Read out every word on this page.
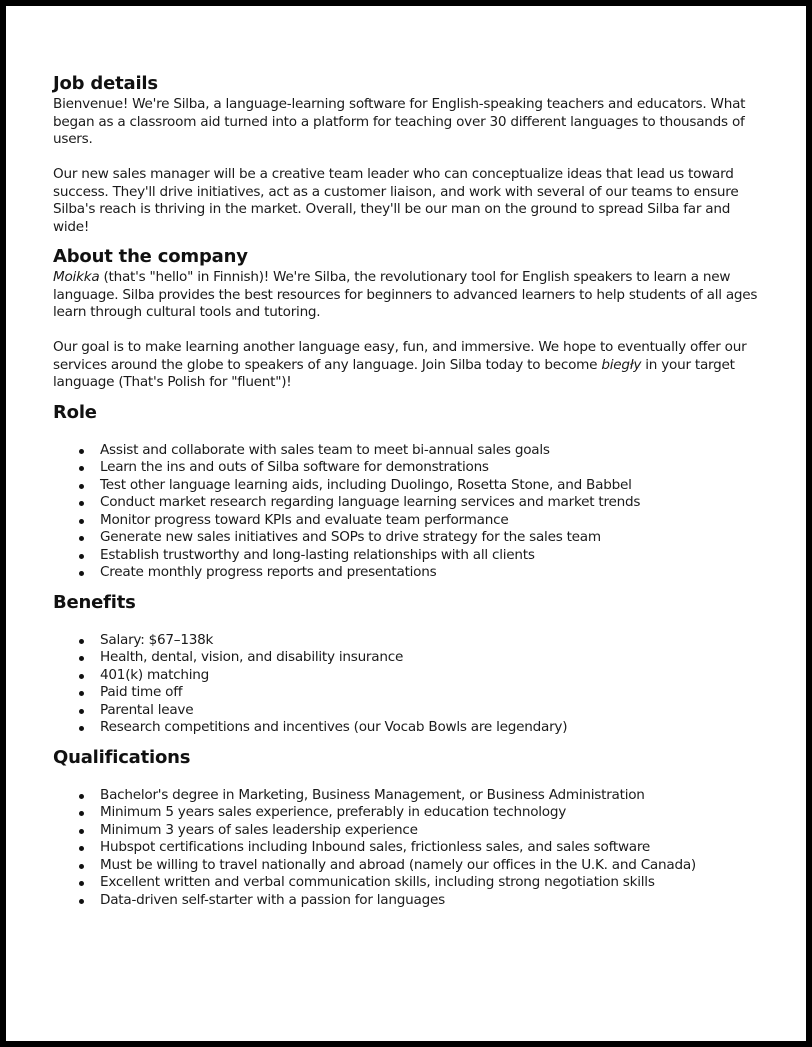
Job details

Bienvenue! We're Silba, a language-learning software for English-speaking teachers and educators. What began as a classroom aid turned into a platform for teaching over 30 different languages to thousands of users.

Our new sales manager will be a creative team leader who can conceptualize ideas that lead us toward success. They'll drive initiatives, act as a customer liaison, and work with several of our teams to ensure Silba's reach is thriving in the market. Overall, they'll be our man on the ground to spread Silba far and wide!

About the company

Moikka (that's "hello" in Finnish)! We're Silba, the revolutionary tool for English speakers to learn a new language. Silba provides the best resources for beginners to advanced learners to help students of all ages learn through cultural tools and tutoring.

Our goal is to make learning another language easy, fun, and immersive. We hope to eventually offer our services around the globe to speakers of any language. Join Silba today to become biegły in your target language (That's Polish for "fluent")!

Role
Assist and collaborate with sales team to meet bi-annual sales goals
Learn the ins and outs of Silba software for demonstrations
Test other language learning aids, including Duolingo, Rosetta Stone, and Babbel
Conduct market research regarding language learning services and market trends
Monitor progress toward KPIs and evaluate team performance
Generate new sales initiatives and SOPs to drive strategy for the sales team
Establish trustworthy and long-lasting relationships with all clients
Create monthly progress reports and presentations
Benefits
Salary: $67–138k
Health, dental, vision, and disability insurance
401(k) matching
Paid time off
Parental leave
Research competitions and incentives (our Vocab Bowls are legendary)
Qualifications
Bachelor's degree in Marketing, Business Management, or Business Administration
Minimum 5 years sales experience, preferably in education technology
Minimum 3 years of sales leadership experience
Hubspot certifications including Inbound sales, frictionless sales, and sales software
Must be willing to travel nationally and abroad (namely our offices in the U.K. and Canada)
Excellent written and verbal communication skills, including strong negotiation skills
Data-driven self-starter with a passion for languages
